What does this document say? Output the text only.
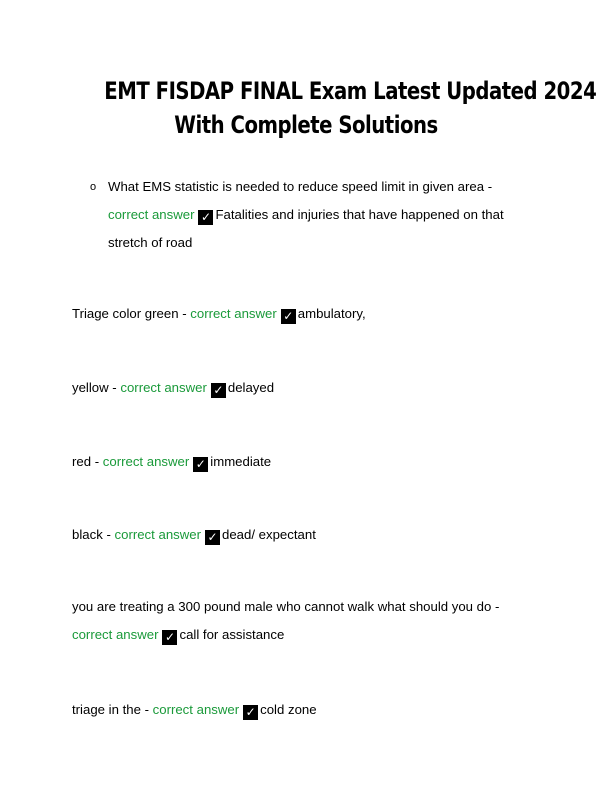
EMT FISDAP FINAL Exam Latest Updated 2024
With Complete Solutions
o What EMS statistic is needed to reduce speed limit in given area - correct answer ✓ Fatalities and injuries that have happened on that stretch of road
Triage color green - correct answer ✓ ambulatory,
yellow - correct answer ✓ delayed
red - correct answer ✓ immediate
black - correct answer ✓ dead/ expectant
you are treating a 300 pound male who cannot walk what should you do - correct answer ✓ call for assistance
triage in the - correct answer ✓ cold zone
